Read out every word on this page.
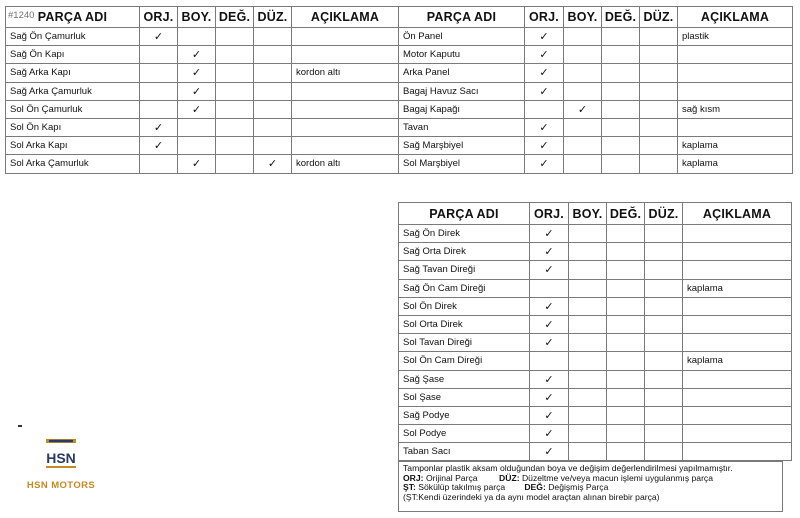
#1240 PARÇA ADI	ORJ.	BOY.	DEĞ.	DÜZ.	AÇIKLAMA
Sağ Ön Çamurluk	✓				
Sağ Ön Kapı		✓			
Sağ Arka Kapı		✓			kordon altı
Sağ Arka Çamurluk		✓			
Sol Ön Çamurluk		✓			
Sol Ön Kapı	✓				
Sol Arka Kapı	✓				
Sol Arka Çamurluk		✓		✓	kordon altı
PARÇA ADI	ORJ.	BOY.	DEĞ.	DÜZ.	AÇIKLAMA
Ön Panel	✓				plastik
Motor Kaputu	✓				
Arka Panel	✓				
Bagaj Havuz Sacı	✓				
Bagaj Kapağı		✓			sağ kısm
Tavan	✓				
Sağ Marşbiyel	✓				kaplama
Sol Marşbiyel	✓				kaplama
PARÇA ADI	ORJ.	BOY.	DEĞ.	DÜZ.	AÇIKLAMA
Sağ Ön Direk	✓				
Sağ Orta Direk	✓				
Sağ Tavan Direği	✓				
Sağ Ön Cam Direği					kaplama
Sol Ön Direk	✓				
Sol Orta Direk	✓				
Sol Tavan Direği	✓				
Sol Ön Cam Direği					kaplama
Sağ Şase	✓				
Sol Şase	✓				
Sağ Podye	✓				
Sol Podye	✓				
Taban Sacı	✓				
Tamponlar plastik aksam olduğundan boya ve değişim değerlendirilmesi yapılmamıştır.
ORJ: Orijinal Parça	DÜZ: Düzeltme ve/veya macun işlemi uygulanmış parça
ŞT: Sökülüp takılmış parça DEĞ: Değişmiş Parça
(ŞT:Kendi üzerindeki ya da aynı model araçtan alınan birebir parça)
HSN
HSN MOTORS
